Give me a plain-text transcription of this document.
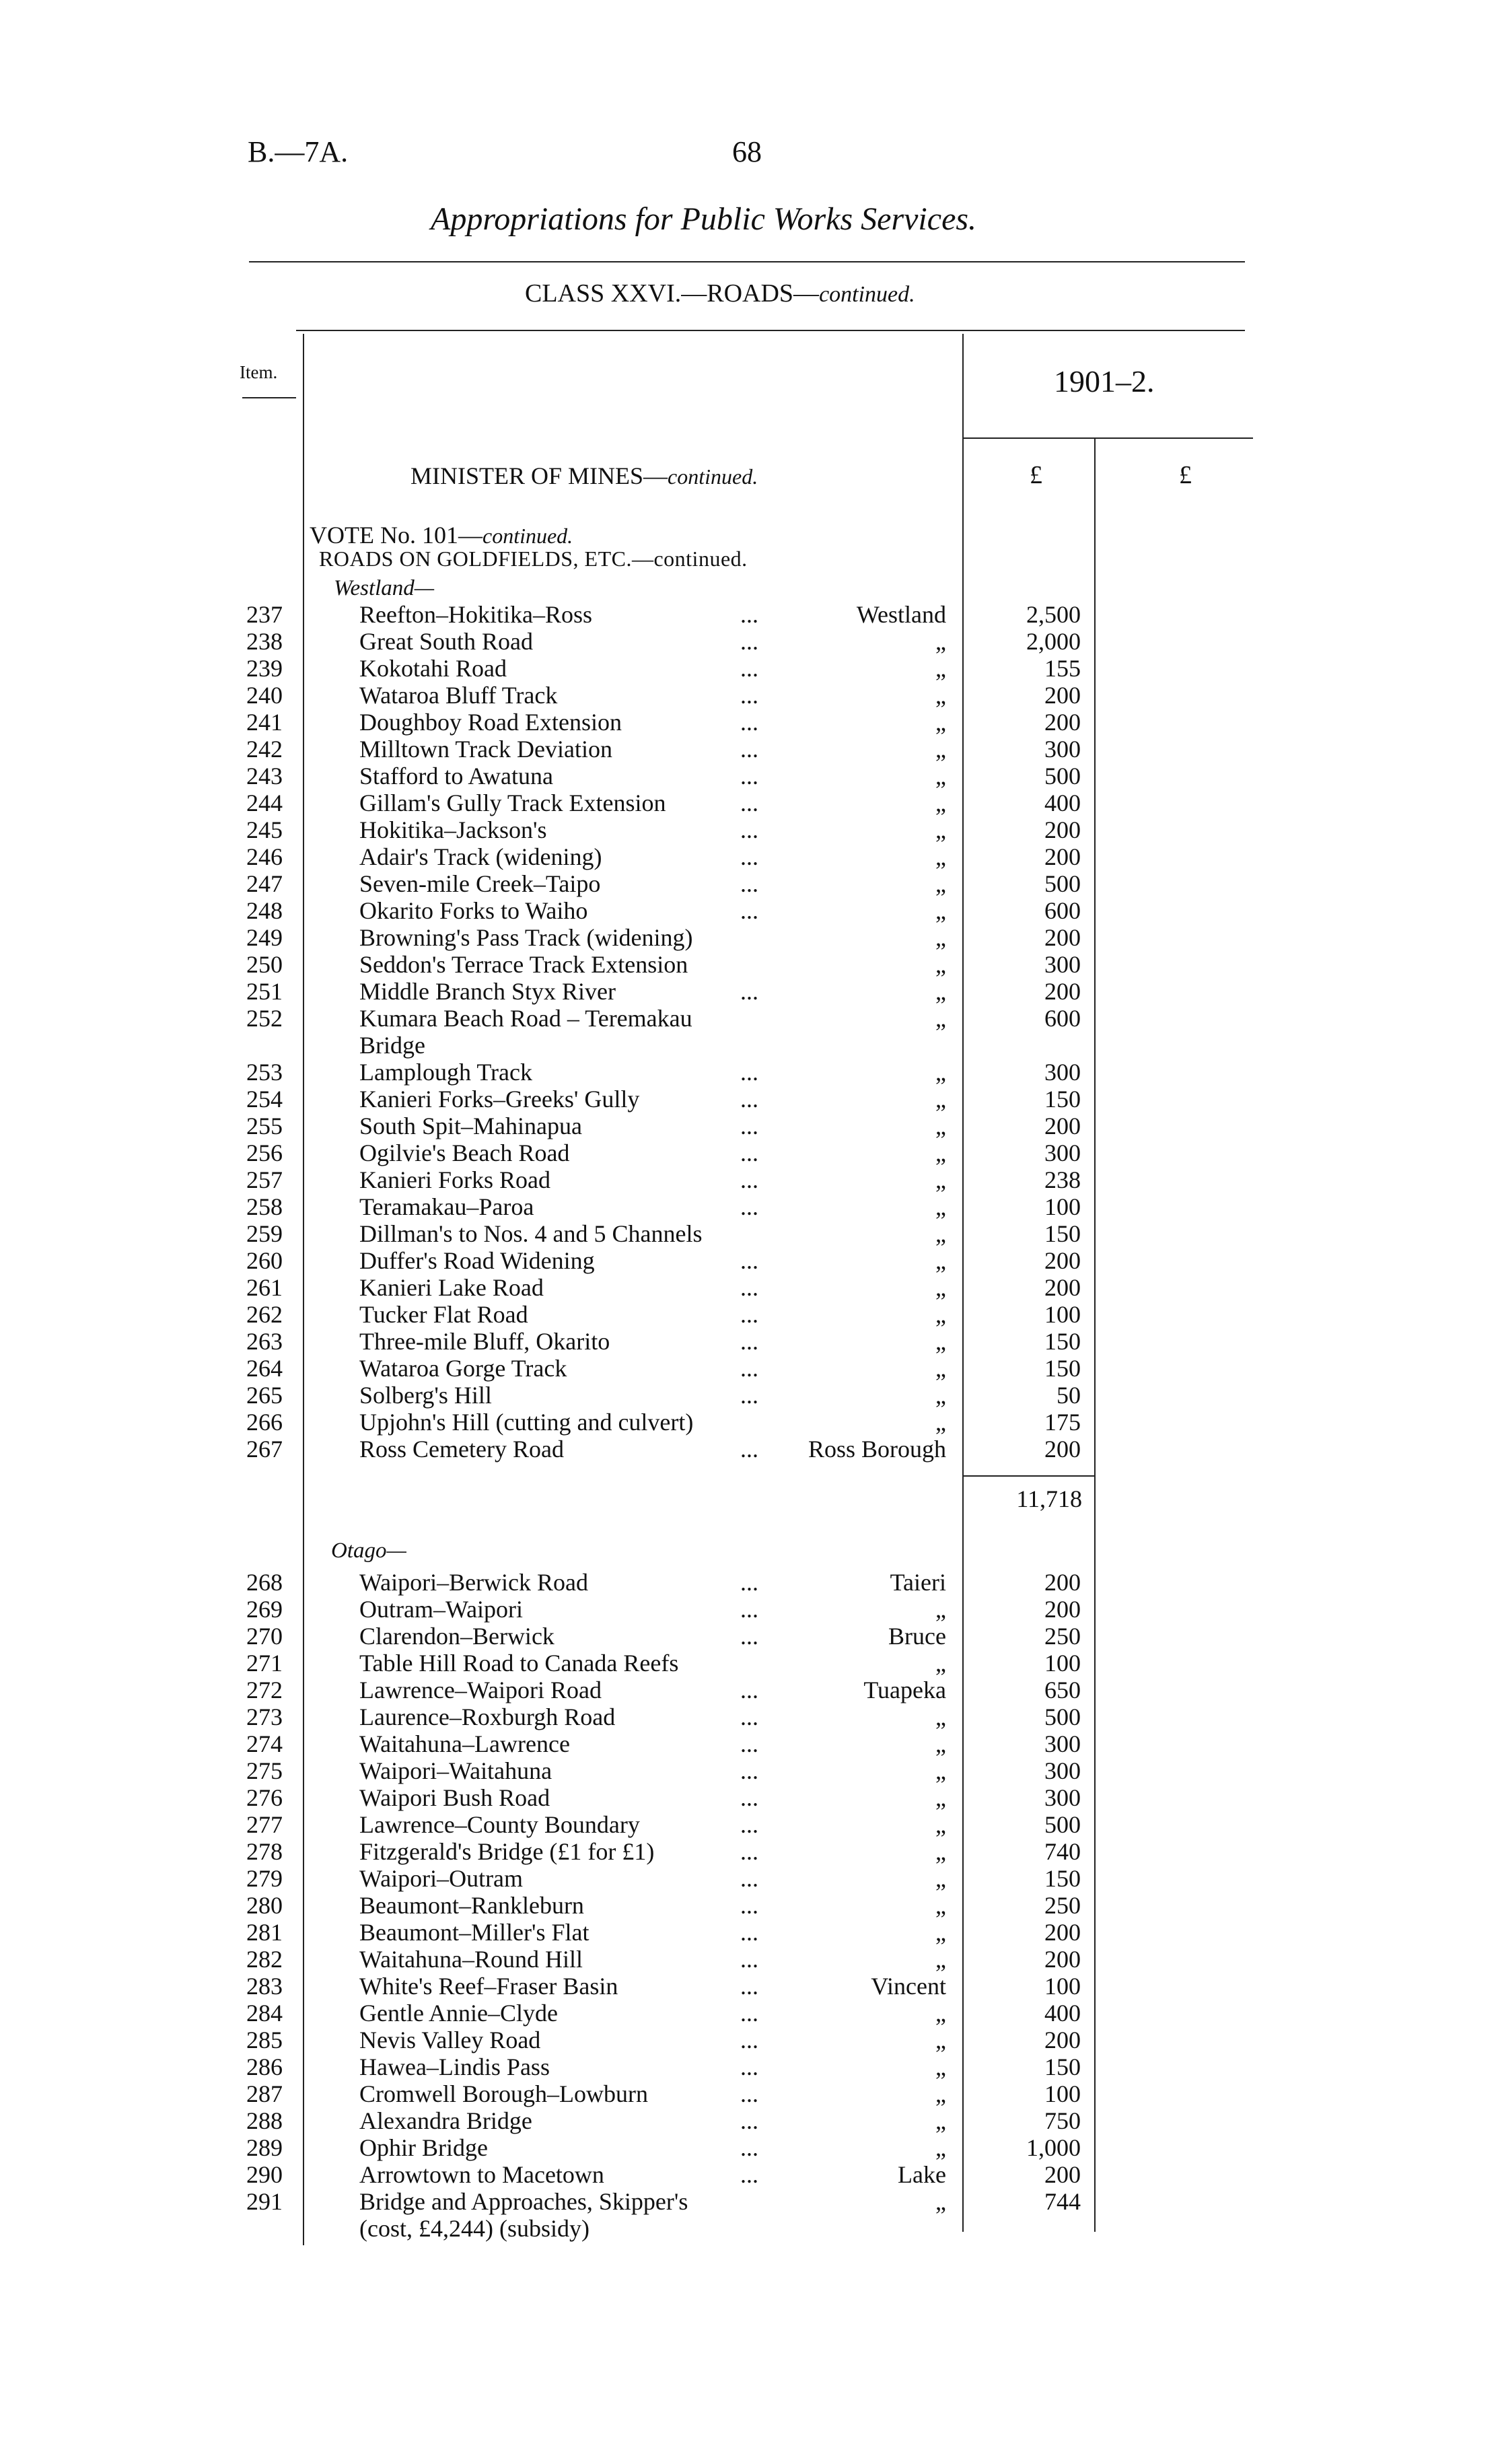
B.—7A.	68
Appropriations for Public Works Services.
CLASS XXVI.—ROADS—continued.
Item.	1901–2.
£	£
MINISTER OF MINES—continued.
VOTE No. 101—continued.
ROADS ON GOLDFIELDS, ETC.—continued.
Westland—
237	Reefton–Hokitika–Ross	...	Westland	2,500
238	Great South Road	...	„	2,000
239	Kokotahi Road	...	„	155
240	Wataroa Bluff Track	...	„	200
241	Doughboy Road Extension	...	„	200
242	Milltown Track Deviation	...	„	300
243	Stafford to Awatuna	...	„	500
244	Gillam's Gully Track Extension	...	„	400
245	Hokitika–Jackson's	...	„	200
246	Adair's Track (widening)	...	„	200
247	Seven-mile Creek–Taipo	...	„	500
248	Okarito Forks to Waiho	...	„	600
249	Browning's Pass Track (widening)	„	200
250	Seddon's Terrace Track Extension	„	300
251	Middle Branch Styx River	...	„	200
252	Kumara Beach Road – Teremakau	„	600
Bridge
253	Lamplough Track	...	„	300
254	Kanieri Forks–Greeks' Gully	...	„	150
255	South Spit–Mahinapua	...	„	200
256	Ogilvie's Beach Road	...	„	300
257	Kanieri Forks Road	...	„	238
258	Teramakau–Paroa	...	„	100
259	Dillman's to Nos. 4 and 5 Channels	„	150
260	Duffer's Road Widening	...	„	200
261	Kanieri Lake Road	...	„	200
262	Tucker Flat Road	...	„	100
263	Three-mile Bluff, Okarito	...	„	150
264	Wataroa Gorge Track	...	„	150
265	Solberg's Hill	...	„	50
266	Upjohn's Hill (cutting and culvert)	„	175
267	Ross Cemetery Road	...	Ross Borough	200
11,718
Otago—
268	Waipori–Berwick Road	...	Taieri	200
269	Outram–Waipori	...	„	200
270	Clarendon–Berwick	...	Bruce	250
271	Table Hill Road to Canada Reefs	„	100
272	Lawrence–Waipori Road	...	Tuapeka	650
273	Laurence–Roxburgh Road	...	„	500
274	Waitahuna–Lawrence	...	„	300
275	Waipori–Waitahuna	...	„	300
276	Waipori Bush Road	...	„	300
277	Lawrence–County Boundary	...	„	500
278	Fitzgerald's Bridge (£1 for £1)	...	„	740
279	Waipori–Outram	...	„	150
280	Beaumont–Rankleburn	...	„	250
281	Beaumont–Miller's Flat	...	„	200
282	Waitahuna–Round Hill	...	„	200
283	White's Reef–Fraser Basin	...	Vincent	100
284	Gentle Annie–Clyde	...	„	400
285	Nevis Valley Road	...	„	200
286	Hawea–Lindis Pass	...	„	150
287	Cromwell Borough–Lowburn	...	„	100
288	Alexandra Bridge	...	„	750
289	Ophir Bridge	...	„	1,000
290	Arrowtown to Macetown	...	Lake	200
291	Bridge and Approaches, Skipper's	„	744
(cost, £4,244) (subsidy)
